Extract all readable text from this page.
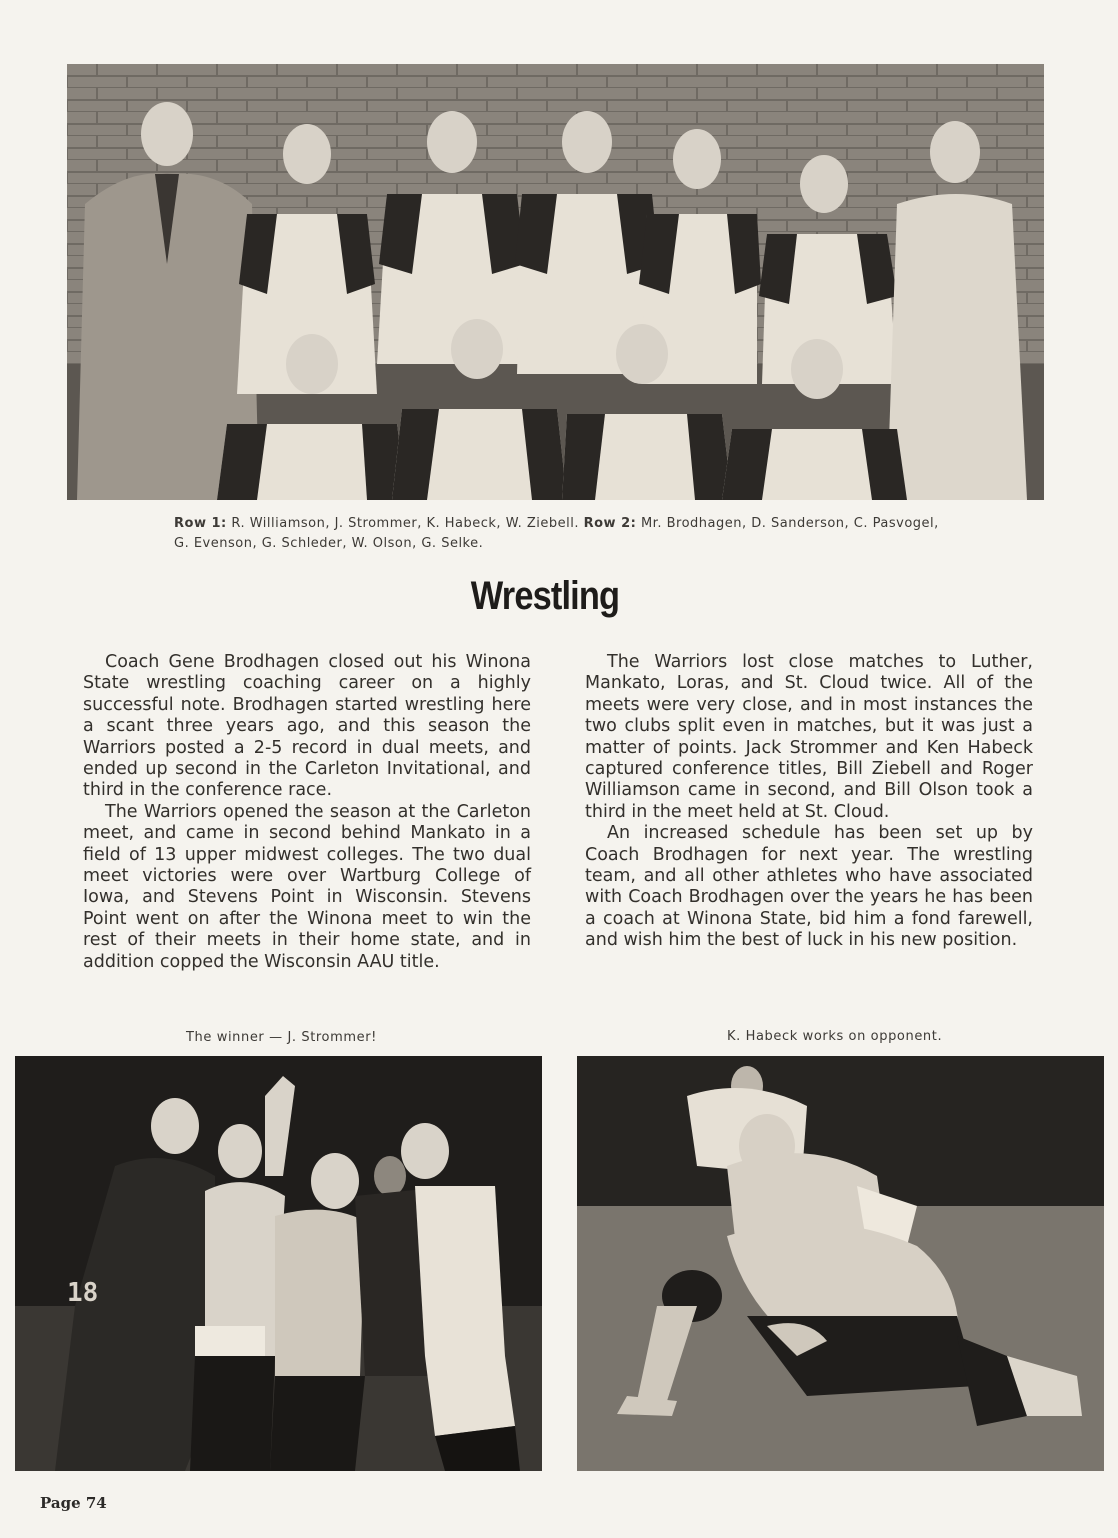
Row 1: R. Williamson, J. Strommer, K. Habeck, W. Ziebell. Row 2: Mr. Brodhagen, D. Sanderson, C. Pasvogel, G. Evenson, G. Schleder, W. Olson, G. Selke.
Wrestling

Coach Gene Brodhagen closed out his Winona State wrestling coaching career on a highly successful note. Brodhagen started wrestling here a scant three years ago, and this season the Warriors posted a 2-5 record in dual meets, and ended up second in the Carleton Invitational, and third in the conference race.

The Warriors opened the season at the Carleton meet, and came in second behind Mankato in a field of 13 upper midwest colleges. The two dual meet victories were over Wartburg College of Iowa, and Stevens Point in Wisconsin. Stevens Point went on after the Winona meet to win the rest of their meets in their home state, and in addition copped the Wisconsin AAU title.

The Warriors lost close matches to Luther, Mankato, Loras, and St. Cloud twice. All of the meets were very close, and in most instances the two clubs split even in matches, but it was just a matter of points. Jack Strommer and Ken Habeck captured conference titles, Bill Ziebell and Roger Williamson came in second, and Bill Olson took a third in the meet held at St. Cloud.

An increased schedule has been set up by Coach Brodhagen for next year. The wrestling team, and all other athletes who have associated with Coach Brodhagen over the years he has been a coach at Winona State, bid him a fond farewell, and wish him the best of luck in his new position.

The winner — J. Strommer!	K. Habeck works on opponent.
18
Page 74
